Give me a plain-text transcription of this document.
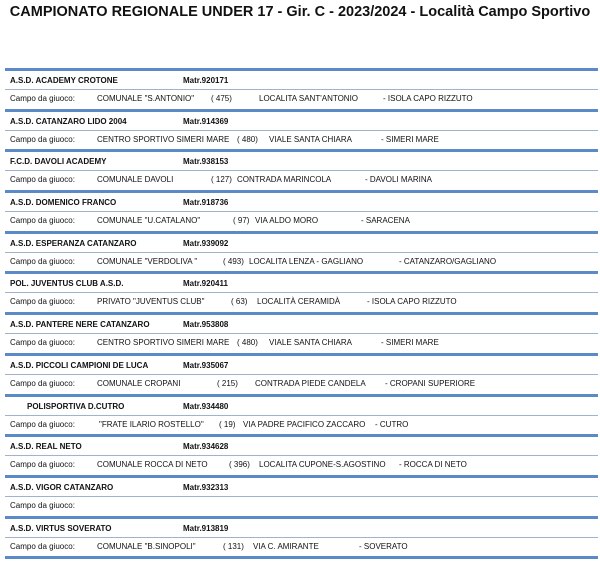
CAMPIONATO REGIONALE UNDER 17 - Gir. C - 2023/2024 - Località Campo Sportivo
A.S.D. ACADEMY CROTONE	Matr.920171
Campo da giuoco:	COMUNALE "S.ANTONIO" ( 475)	LOCALITA SANT'ANTONIO	- ISOLA CAPO RIZZUTO
A.S.D. CATANZARO LIDO 2004	Matr.914369
Campo da giuoco:	CENTRO SPORTIVO SIMERI MARE ( 480) VIALE SANTA CHIARA	- SIMERI MARE
F.C.D. DAVOLI ACADEMY	Matr.938153
Campo da giuoco:	COMUNALE DAVOLI	( 127) CONTRADA MARINCOLA	- DAVOLI MARINA
A.S.D. DOMENICO FRANCO	Matr.918736
Campo da giuoco:	COMUNALE "U.CATALANO"	( 97) VIA ALDO MORO	- SARACENA
A.S.D. ESPERANZA CATANZARO	Matr.939092
Campo da giuoco:	COMUNALE "VERDOLIVA "	( 493) LOCALITA LENZA - GAGLIANO	- CATANZARO/GAGLIANO
POL. JUVENTUS CLUB A.S.D.	Matr.920411
Campo da giuoco:	PRIVATO "JUVENTUS CLUB"	( 63) LOCALITÀ CERAMIDÀ	- ISOLA CAPO RIZZUTO
A.S.D. PANTERE NERE CATANZARO	Matr.953808
Campo da giuoco:	CENTRO SPORTIVO SIMERI MARE ( 480) VIALE SANTA CHIARA	- SIMERI MARE
A.S.D. PICCOLI CAMPIONI DE LUCA	Matr.935067
Campo da giuoco:	COMUNALE CROPANI	( 215) CONTRADA PIEDE CANDELA - CROPANI SUPERIORE
POLISPORTIVA D.CUTRO	Matr.934480
Campo da giuoco:	"FRATE ILARIO ROSTELLO" ( 19) VIA PADRE PACIFICO ZACCARO - CUTRO
A.S.D. REAL NETO	Matr.934628
Campo da giuoco:	COMUNALE ROCCA DI NETO	( 396) LOCALITA CUPONE-S.AGOSTINO - ROCCA DI NETO
A.S.D. VIGOR CATANZARO	Matr.932313
Campo da giuoco:
A.S.D. VIRTUS SOVERATO	Matr.913819
Campo da giuoco:	COMUNALE "B.SINOPOLI"	( 131) VIA C. AMIRANTE	- SOVERATO
